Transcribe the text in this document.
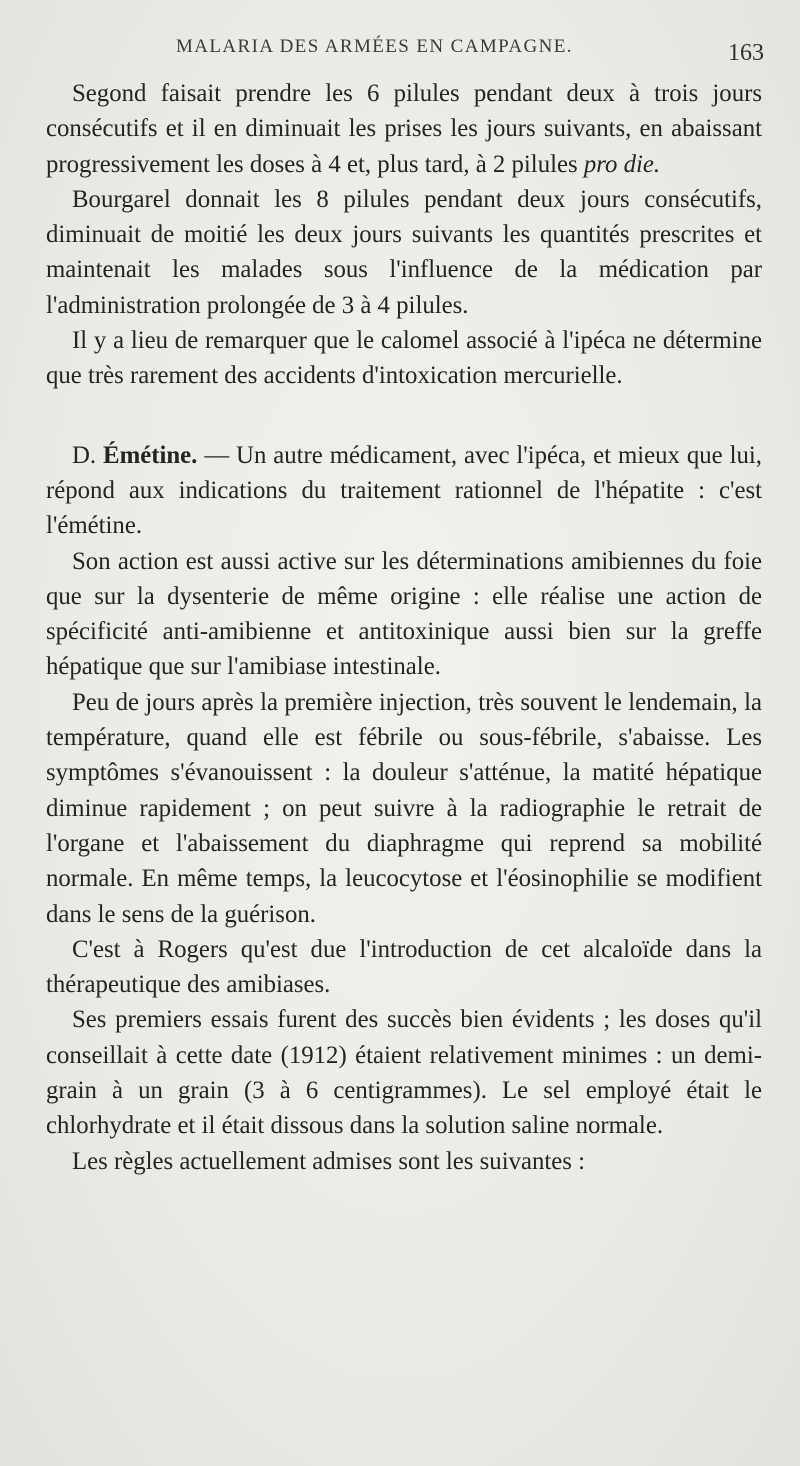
MALARIA DES ARMÉES EN CAMPAGNE.	163

Segond faisait prendre les 6 pilules pendant deux à trois jours consécutifs et il en diminuait les prises les jours suivants, en abaissant progressivement les doses à 4 et, plus tard, à 2 pilules pro die.

Bourgarel donnait les 8 pilules pendant deux jours consécutifs, diminuait de moitié les deux jours suivants les quantités prescrites et maintenait les malades sous l'influence de la médication par l'administration prolongée de 3 à 4 pilules.

Il y a lieu de remarquer que le calomel associé à l'ipéca ne détermine que très rarement des accidents d'intoxication mercurielle.

D. Émétine. — Un autre médicament, avec l'ipéca, et mieux que lui, répond aux indications du traitement rationnel de l'hépatite : c'est l'émétine.

Son action est aussi active sur les déterminations amibiennes du foie que sur la dysenterie de même origine : elle réalise une action de spécificité anti-amibienne et antitoxinique aussi bien sur la greffe hépatique que sur l'amibiase intestinale.

Peu de jours après la première injection, très souvent le lendemain, la température, quand elle est fébrile ou sous-fébrile, s'abaisse. Les symptômes s'évanouissent : la douleur s'atténue, la matité hépatique diminue rapidement ; on peut suivre à la radiographie le retrait de l'organe et l'abaissement du diaphragme qui reprend sa mobilité normale. En même temps, la leucocytose et l'éosinophilie se modifient dans le sens de la guérison.

C'est à Rogers qu'est due l'introduction de cet alcaloïde dans la thérapeutique des amibiases.

Ses premiers essais furent des succès bien évidents ; les doses qu'il conseillait à cette date (1912) étaient relativement minimes : un demi-grain à un grain (3 à 6 centigrammes). Le sel employé était le chlorhydrate et il était dissous dans la solution saline normale.

Les règles actuellement admises sont les suivantes :
